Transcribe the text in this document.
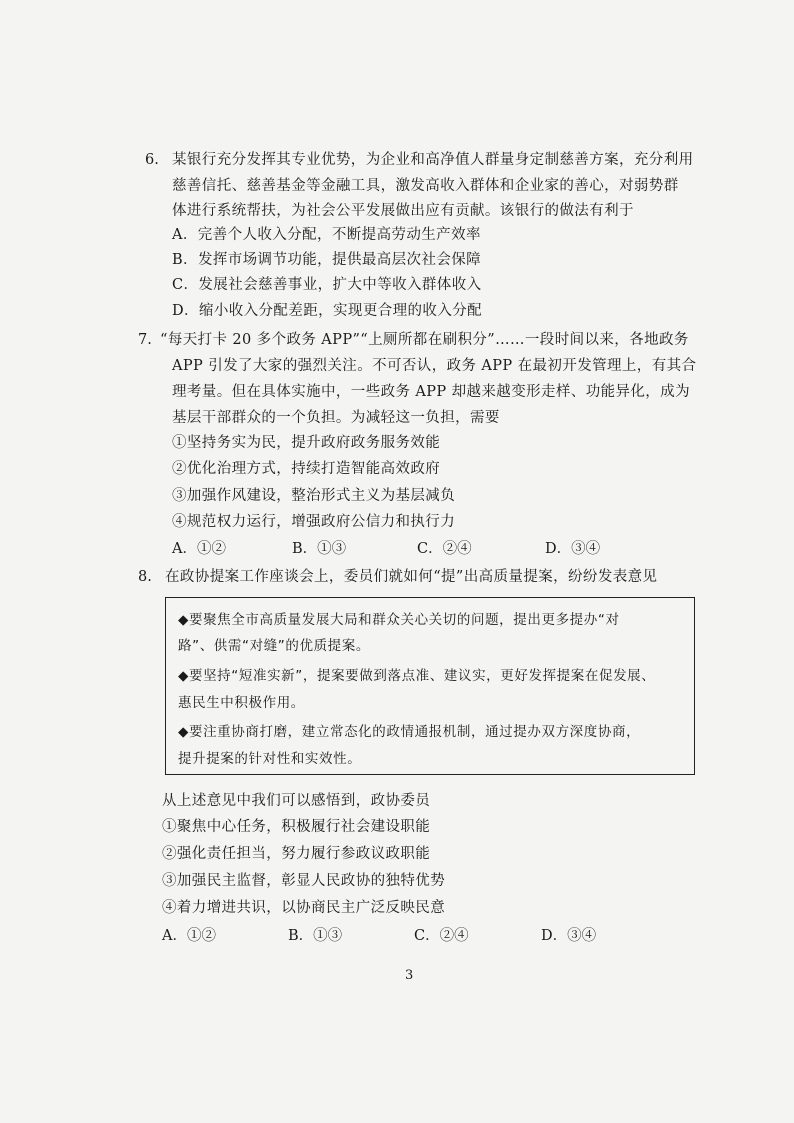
6. 某银行充分发挥其专业优势，为企业和高净值人群量身定制慈善方案，充分利用
慈善信托、慈善基金等金融工具，激发高收入群体和企业家的善心，对弱势群
体进行系统帮扶，为社会公平发展做出应有贡献。该银行的做法有利于
A．完善个人收入分配，不断提高劳动生产效率
B．发挥市场调节功能，提供最高层次社会保障
C．发展社会慈善事业，扩大中等收入群体收入
D．缩小收入分配差距，实现更合理的收入分配
7. “每天打卡 20 多个政务 APP”“上厕所都在刷积分”……一段时间以来，各地政务
APP 引发了大家的强烈关注。不可否认，政务 APP 在最初开发管理上，有其合
理考量。但在具体实施中，一些政务 APP 却越来越变形走样、功能异化，成为
基层干部群众的一个负担。为减轻这一负担，需要
①坚持务实为民，提升政府政务服务效能
②优化治理方式，持续打造智能高效政府
③加强作风建设，整治形式主义为基层减负
④规范权力运行，增强政府公信力和执行力
A．①②	B．①③	C．②④	D．③④
8. 在政协提案工作座谈会上，委员们就如何“提”出高质量提案，纷纷发表意见
◆要聚焦全市高质量发展大局和群众关心关切的问题，提出更多提办“对
路”、供需“对缝”的优质提案。
◆要坚持“短准实新”，提案要做到落点准、建议实，更好发挥提案在促发展、
惠民生中积极作用。
◆要注重协商打磨，建立常态化的政情通报机制，通过提办双方深度协商，
提升提案的针对性和实效性。
从上述意见中我们可以感悟到，政协委员
①聚焦中心任务，积极履行社会建设职能
②强化责任担当，努力履行参政议政职能
③加强民主监督，彰显人民政协的独特优势
④着力增进共识，以协商民主广泛反映民意
A．①②	B．①③	C．②④	D．③④
3
